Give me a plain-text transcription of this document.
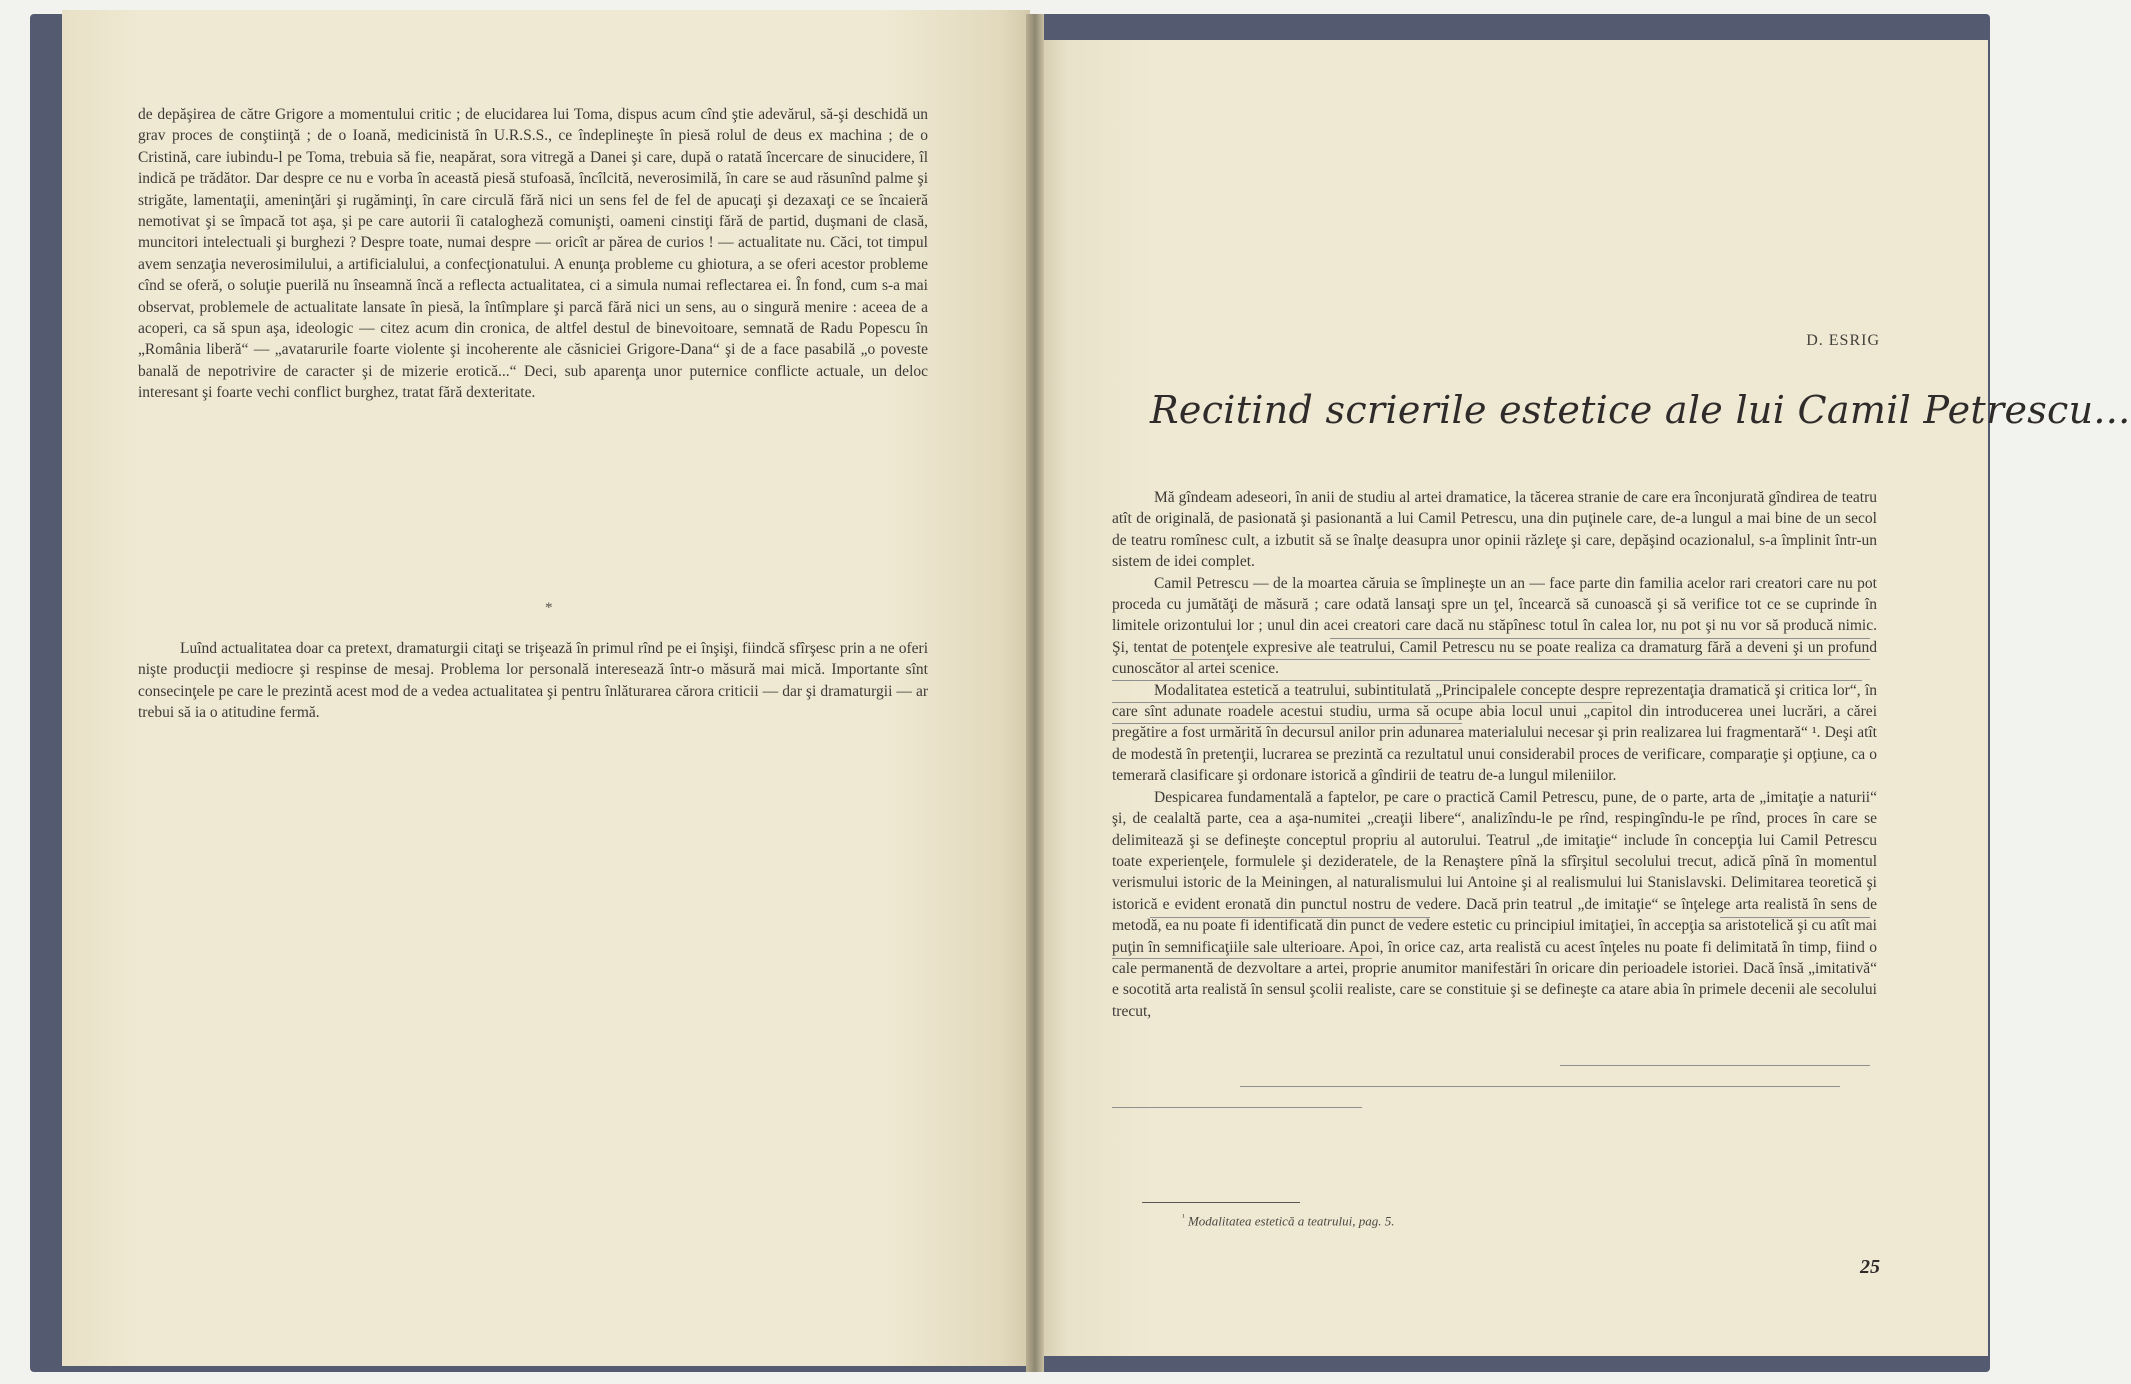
de depăşirea de către Grigore a momentului critic ; de elucidarea lui Toma, dispus acum cînd ştie adevărul, să-şi deschidă un grav proces de conştiinţă ; de o Ioană, medicinistă în U.R.S.S., ce îndeplineşte în piesă rolul de deus ex machina ; de o Cristină, care iubindu-l pe Toma, trebuia să fie, neapărat, sora vitregă a Danei şi care, după o ratată încercare de sinucidere, îl indică pe trădător. Dar despre ce nu e vorba în această piesă stufoasă, încîlcită, neverosimilă, în care se aud răsunînd palme şi strigăte, lamentaţii, ameninţări şi rugăminţi, în care circulă fără nici un sens fel de fel de apucaţi şi dezaxaţi ce se încaieră nemotivat şi se împacă tot aşa, şi pe care autorii îi catalogheză comunişti, oameni cinstiţi fără de partid, duşmani de clasă, muncitori intelectuali şi burghezi ? Despre toate, numai despre — oricît ar părea de curios ! — actualitate nu. Căci, tot timpul avem senzaţia neverosimilului, a artificialului, a confecţionatului. A enunţa probleme cu ghiotura, a se oferi acestor probleme cînd se oferă, o soluţie puerilă nu înseamnă încă a reflecta actualitatea, ci a simula numai reflectarea ei. În fond, cum s-a mai observat, problemele de actualitate lansate în piesă, la întîmplare şi parcă fără nici un sens, au o singură menire : aceea de a acoperi, ca să spun aşa, ideologic — citez acum din cronica, de altfel destul de binevoitoare, semnată de Radu Popescu în „România liberă“ — „avatarurile foarte violente şi incoherente ale căsniciei Grigore-Dana“ şi de a face pasabilă „o poveste banală de nepotrivire de caracter şi de mizerie erotică...“ Deci, sub aparenţa unor puternice conflicte actuale, un deloc interesant şi foarte vechi conflict burghez, tratat fără dexteritate.

*

Luînd actualitatea doar ca pretext, dramaturgii citaţi se trişează în primul rînd pe ei înşişi, fiindcă sfîrşesc prin a ne oferi nişte producţii mediocre şi respinse de mesaj. Problema lor personală interesează într-o măsură mai mică. Importante sînt consecinţele pe care le prezintă acest mod de a vedea actualitatea şi pentru înlăturarea cărora criticii — dar şi dramaturgii — ar trebui să ia o atitudine fermă.

D. ESRIG
Recitind scrierile estetice ale lui Camil Petrescu...

Mă gîndeam adeseori, în anii de studiu al artei dramatice, la tăcerea stranie de care era înconjurată gîndirea de teatru atît de originală, de pasionată şi pasionantă a lui Camil Petrescu, una din puţinele care, de-a lungul a mai bine de un secol de teatru romînesc cult, a izbutit să se înalţe deasupra unor opinii răzleţe şi care, depăşind ocazionalul, s-a împlinit într-un sistem de idei complet.

Camil Petrescu — de la moartea căruia se împlineşte un an — face parte din familia acelor rari creatori care nu pot proceda cu jumătăţi de măsură ; care odată lansaţi spre un ţel, încearcă să cunoască şi să verifice tot ce se cuprinde în limitele orizontului lor ; unul din acei creatori care dacă nu stăpînesc totul în calea lor, nu pot şi nu vor să producă nimic. Şi, tentat de potenţele expresive ale teatrului, Camil Petrescu nu se poate realiza ca dramaturg fără a deveni şi un profund cunoscător al artei scenice.

Modalitatea estetică a teatrului, subintitulată „Principalele concepte despre reprezentaţia dramatică şi critica lor“, în care sînt adunate roadele acestui studiu, urma să ocupe abia locul unui „capitol din introducerea unei lucrări, a cărei pregătire a fost urmărită în decursul anilor prin adunarea materialului necesar şi prin realizarea lui fragmentară“ ¹. Deşi atît de modestă în pretenţii, lucrarea se prezintă ca rezultatul unui considerabil proces de verificare, comparaţie şi opţiune, ca o temerară clasificare şi ordonare istorică a gîndirii de teatru de-a lungul mileniilor.

Despicarea fundamentală a faptelor, pe care o practică Camil Petrescu, pune, de o parte, arta de „imitaţie a naturii“ şi, de cealaltă parte, cea a aşa-numitei „creaţii libere“, analizîndu-le pe rînd, respingîndu-le pe rînd, proces în care se delimitează şi se defineşte conceptul propriu al autorului. Teatrul „de imitaţie“ include în concepţia lui Camil Petrescu toate experienţele, formulele şi dezideratele, de la Renaştere pînă la sfîrşitul secolului trecut, adică pînă în momentul verismului istoric de la Meiningen, al naturalismului lui Antoine şi al realismului lui Stanislavski. Delimitarea teoretică şi istorică e evident eronată din punctul nostru de vedere. Dacă prin teatrul „de imitaţie“ se înţelege arta realistă în sens de metodă, ea nu poate fi identificată din punct de vedere estetic cu principiul imitaţiei, în accepţia sa aristotelică şi cu atît mai puţin în semnificaţiile sale ulterioare. Apoi, în orice caz, arta realistă cu acest înţeles nu poate fi delimitată în timp, fiind o cale permanentă de dezvoltare a artei, proprie anumitor manifestări în oricare din perioadele istoriei. Dacă însă „imitativă“ e socotită arta realistă în sensul şcolii realiste, care se constituie şi se defineşte ca atare abia în primele decenii ale secolului trecut,

$^{^1}$ Modalitatea estetică a teatrului, pag. 5.
25
